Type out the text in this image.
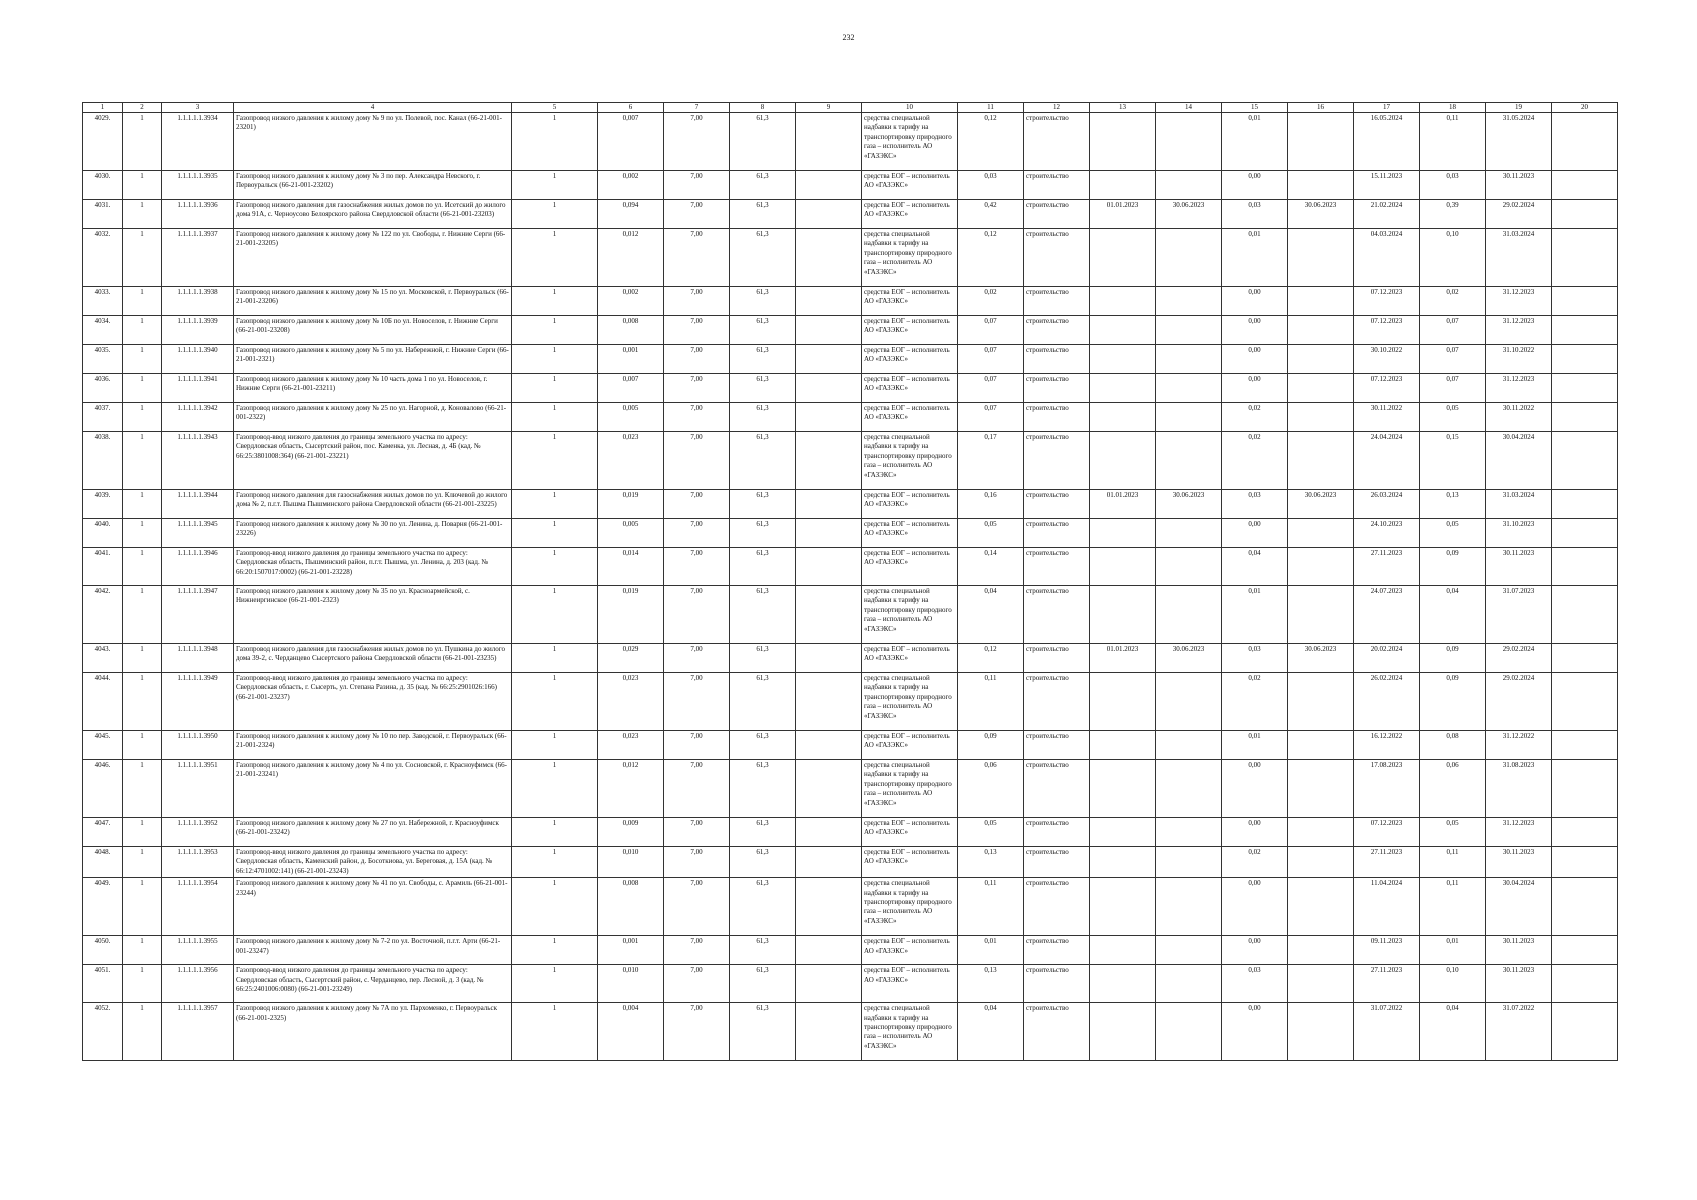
232
1	2	3	4	5	6	7	8	9	10	11	12	13	14	15	16	17	18	19	20
4029.	1	1.1.1.1.1.3934	Газопровод низкого давления к жилому дому № 9 по ул. Полевой, пос. Канал (66-21-001-23201)	1	0,007	7,00	61,3		средства специальной надбавки к тарифу на транспортировку природного газа – исполнитель АО «ГАЗЭКС»	0,12	строительство			0,01		16.05.2024	0,11	31.05.2024	
4030.	1	1.1.1.1.1.3935	Газопровод низкого давления к жилому дому № 3 по пер. Александра Невского, г. Первоуральск (66-21-001-23202)	1	0,002	7,00	61,3		средства ЕОГ – исполнитель АО «ГАЗЭКС»	0,03	строительство			0,00		15.11.2023	0,03	30.11.2023	
4031.	1	1.1.1.1.1.3936	Газопровод низкого давления для газоснабжения жилых домов по ул. Исетский до жилого дома 91А, с. Черноусово Белоярского района Свердловской области (66-21-001-23203)	1	0,094	7,00	61,3		средства ЕОГ – исполнитель АО «ГАЗЭКС»	0,42	строительство	01.01.2023	30.06.2023	0,03	30.06.2023	21.02.2024	0,39	29.02.2024	
4032.	1	1.1.1.1.1.3937	Газопровод низкого давления к жилому дому № 122 по ул. Свободы, г. Нижние Серги (66-21-001-23205)	1	0,012	7,00	61,3		средства специальной надбавки к тарифу на транспортировку природного газа – исполнитель АО «ГАЗЭКС»	0,12	строительство			0,01		04.03.2024	0,10	31.03.2024	
4033.	1	1.1.1.1.1.3938	Газопровод низкого давления к жилому дому № 15 по ул. Московской, г. Первоуральск (66-21-001-23206)	1	0,002	7,00	61,3		средства ЕОГ – исполнитель АО «ГАЗЭКС»	0,02	строительство			0,00		07.12.2023	0,02	31.12.2023	
4034.	1	1.1.1.1.1.3939	Газопровод низкого давления к жилому дому № 10Б по ул. Новоселов, г. Нижние Серги (66-21-001-23208)	1	0,008	7,00	61,3		средства ЕОГ – исполнитель АО «ГАЗЭКС»	0,07	строительство			0,00		07.12.2023	0,07	31.12.2023	
4035.	1	1.1.1.1.1.3940	Газопровод низкого давления к жилому дому № 5 по ул. Набережной, г. Нижние Серги (66-21-001-2321)	1	0,001	7,00	61,3		средства ЕОГ – исполнитель АО «ГАЗЭКС»	0,07	строительство			0,00		30.10.2022	0,07	31.10.2022	
4036.	1	1.1.1.1.1.3941	Газопровод низкого давления к жилому дому № 10 часть дома 1 по ул. Новоселов, г. Нижние Серги (66-21-001-23211)	1	0,007	7,00	61,3		средства ЕОГ – исполнитель АО «ГАЗЭКС»	0,07	строительство			0,00		07.12.2023	0,07	31.12.2023	
4037.	1	1.1.1.1.1.3942	Газопровод низкого давления к жилому дому № 25 по ул. Нагорной, д. Коновалово (66-21-001-2322)	1	0,005	7,00	61,3		средства ЕОГ – исполнитель АО «ГАЗЭКС»	0,07	строительство			0,02		30.11.2022	0,05	30.11.2022	
4038.	1	1.1.1.1.1.3943	Газопровод-ввод низкого давления до границы земельного участка по адресу: Свердловская область, Сысертский район, пос. Каменка, ул. Лесная, д. 4Б (кад. № 66:25:3801008:364) (66-21-001-23221)	1	0,023	7,00	61,3		средства специальной надбавки к тарифу на транспортировку природного газа – исполнитель АО «ГАЗЭКС»	0,17	строительство			0,02		24.04.2024	0,15	30.04.2024	
4039.	1	1.1.1.1.1.3944	Газопровод низкого давления для газоснабжения жилых домов по ул. Ключевой до жилого дома № 2, п.г.т. Пышма Пышминского района Свердловской области (66-21-001-23225)	1	0,019	7,00	61,3		средства ЕОГ – исполнитель АО «ГАЗЭКС»	0,16	строительство	01.01.2023	30.06.2023	0,03	30.06.2023	26.03.2024	0,13	31.03.2024	
4040.	1	1.1.1.1.1.3945	Газопровод низкого давления к жилому дому № 30 по ул. Ленина, д. Поварня (66-21-001-23226)	1	0,005	7,00	61,3		средства ЕОГ – исполнитель АО «ГАЗЭКС»	0,05	строительство			0,00		24.10.2023	0,05	31.10.2023	
4041.	1	1.1.1.1.1.3946	Газопровод-ввод низкого давления до границы земельного участка по адресу: Свердловская область, Пышминский район, п.г.т. Пышма, ул. Ленина, д. 203 (кад. № 66:20:1507017:0002) (66-21-001-23228)	1	0,014	7,00	61,3		средства ЕОГ – исполнитель АО «ГАЗЭКС»	0,14	строительство			0,04		27.11.2023	0,09	30.11.2023	
4042.	1	1.1.1.1.1.3947	Газопровод низкого давления к жилому дому № 35 по ул. Красноармейской, с. Нижнеиргинское (66-21-001-2323)	1	0,019	7,00	61,3		средства специальной надбавки к тарифу на транспортировку природного газа – исполнитель АО «ГАЗЭКС»	0,04	строительство			0,01		24.07.2023	0,04	31.07.2023	
4043.	1	1.1.1.1.1.3948	Газопровод низкого давления для газоснабжения жилых домов по ул. Пушкина до жилого дома 39-2, с. Черданцево Сысертского района Свердловской области (66-21-001-23235)	1	0,029	7,00	61,3		средства ЕОГ – исполнитель АО «ГАЗЭКС»	0,12	строительство	01.01.2023	30.06.2023	0,03	30.06.2023	20.02.2024	0,09	29.02.2024	
4044.	1	1.1.1.1.1.3949	Газопровод-ввод низкого давления до границы земельного участка по адресу: Свердловская область, г. Сысерть, ул. Степана Разина, д. 35 (кад. № 66:25:2901026:166) (66-21-001-23237)	1	0,023	7,00	61,3		средства специальной надбавки к тарифу на транспортировку природного газа – исполнитель АО «ГАЗЭКС»	0,11	строительство			0,02		26.02.2024	0,09	29.02.2024	
4045.	1	1.1.1.1.1.3950	Газопровод низкого давления к жилому дому № 10 по пер. Заводской, г. Первоуральск (66-21-001-2324)	1	0,023	7,00	61,3		средства ЕОГ – исполнитель АО «ГАЗЭКС»	0,09	строительство			0,01		16.12.2022	0,08	31.12.2022	
4046.	1	1.1.1.1.1.3951	Газопровод низкого давления к жилому дому № 4 по ул. Сосновской, г. Красноуфимск (66-21-001-23241)	1	0,012	7,00	61,3		средства специальной надбавки к тарифу на транспортировку природного газа – исполнитель АО «ГАЗЭКС»	0,06	строительство			0,00		17.08.2023	0,06	31.08.2023	
4047.	1	1.1.1.1.1.3952	Газопровод низкого давления к жилому дому № 27 по ул. Набережной, г. Красноуфимск (66-21-001-23242)	1	0,009	7,00	61,3		средства ЕОГ – исполнитель АО «ГАЗЭКС»	0,05	строительство			0,00		07.12.2023	0,05	31.12.2023	
4048.	1	1.1.1.1.1.3953	Газопровод-ввод низкого давления до границы земельного участка по адресу: Свердловская область, Каменский район, д. Босоткиова, ул. Береговая, д. 15А (кад. № 66:12:4701002:141) (66-21-001-23243)	1	0,010	7,00	61,3		средства ЕОГ – исполнитель АО «ГАЗЭКС»	0,13	строительство			0,02		27.11.2023	0,11	30.11.2023	
4049.	1	1.1.1.1.1.3954	Газопровод низкого давления к жилому дому № 41 по ул. Свободы, с. Арамиль (66-21-001-23244)	1	0,008	7,00	61,3		средства специальной надбавки к тарифу на транспортировку природного газа – исполнитель АО «ГАЗЭКС»	0,11	строительство			0,00		11.04.2024	0,11	30.04.2024	
4050.	1	1.1.1.1.1.3955	Газопровод низкого давления к жилому дому № 7-2 по ул. Восточной, п.г.т. Арти (66-21-001-23247)	1	0,001	7,00	61,3		средства ЕОГ – исполнитель АО «ГАЗЭКС»	0,01	строительство			0,00		09.11.2023	0,01	30.11.2023	
4051.	1	1.1.1.1.1.3956	Газопровод-ввод низкого давления до границы земельного участка по адресу: Свердловская область, Сысертский район, с. Черданцево, пер. Лесной, д. 3 (кад. № 66:25:2401006:0080) (66-21-001-23249)	1	0,010	7,00	61,3		средства ЕОГ – исполнитель АО «ГАЗЭКС»	0,13	строительство			0,03		27.11.2023	0,10	30.11.2023	
4052.	1	1.1.1.1.1.3957	Газопровод низкого давления к жилому дому № 7А по ул. Пархоменко, г. Первоуральск (66-21-001-2325)	1	0,004	7,00	61,3		средства специальной надбавки к тарифу на транспортировку природного газа – исполнитель АО «ГАЗЭКС»	0,04	строительство			0,00		31.07.2022	0,04	31.07.2022	
